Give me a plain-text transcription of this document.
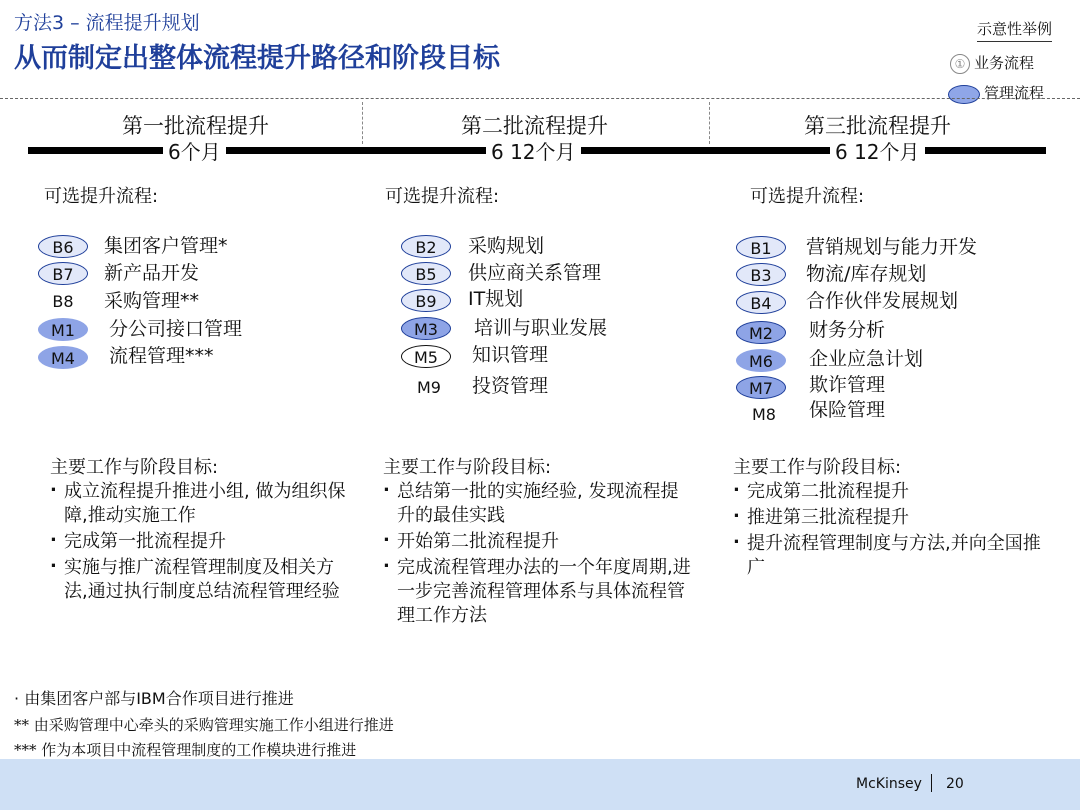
方法3 – 流程提升规划
从而制定出整体流程提升路径和阶段目标
示意性举例
① 业务流程
管理流程
第一批流程提升	第二批流程提升	第三批流程提升
6个月	6 12个月	6 12个月
可选提升流程:	可选提升流程:	可选提升流程:
B6	集团客户管理*
B7	新产品开发
B8	采购管理**
M1	分公司接口管理
M4	流程管理***
B2	采购规划
B5	供应商关系管理
B9	IT规划
M3	培训与职业发展
M5	知识管理
M9	投资管理
B1	营销规划与能力开发
B3	物流/库存规划
B4	合作伙伴发展规划
M2	财务分析
M6	企业应急计划
M7	欺诈管理
M8	保险管理
主要工作与阶段目标:
. 成立流程提升推进小组, 做为组织保障,推动实施工作
. 完成第一批流程提升
. 实施与推广流程管理制度及相关方法,通过执行制度总结流程管理经验
主要工作与阶段目标:
. 总结第一批的实施经验, 发现流程提升的最佳实践
. 开始第二批流程提升
. 完成流程管理办法的一个年度周期,进一步完善流程管理体系与具体流程管理工作方法
主要工作与阶段目标:
. 完成第二批流程提升
. 推进第三批流程提升
. 提升流程管理制度与方法,并向全国推广
· 由集团客户部与IBM合作项目进行推进
** 由采购管理中心牵头的采购管理实施工作小组进行推进
*** 作为本项目中流程管理制度的工作模块进行推进
McKinsey 20
